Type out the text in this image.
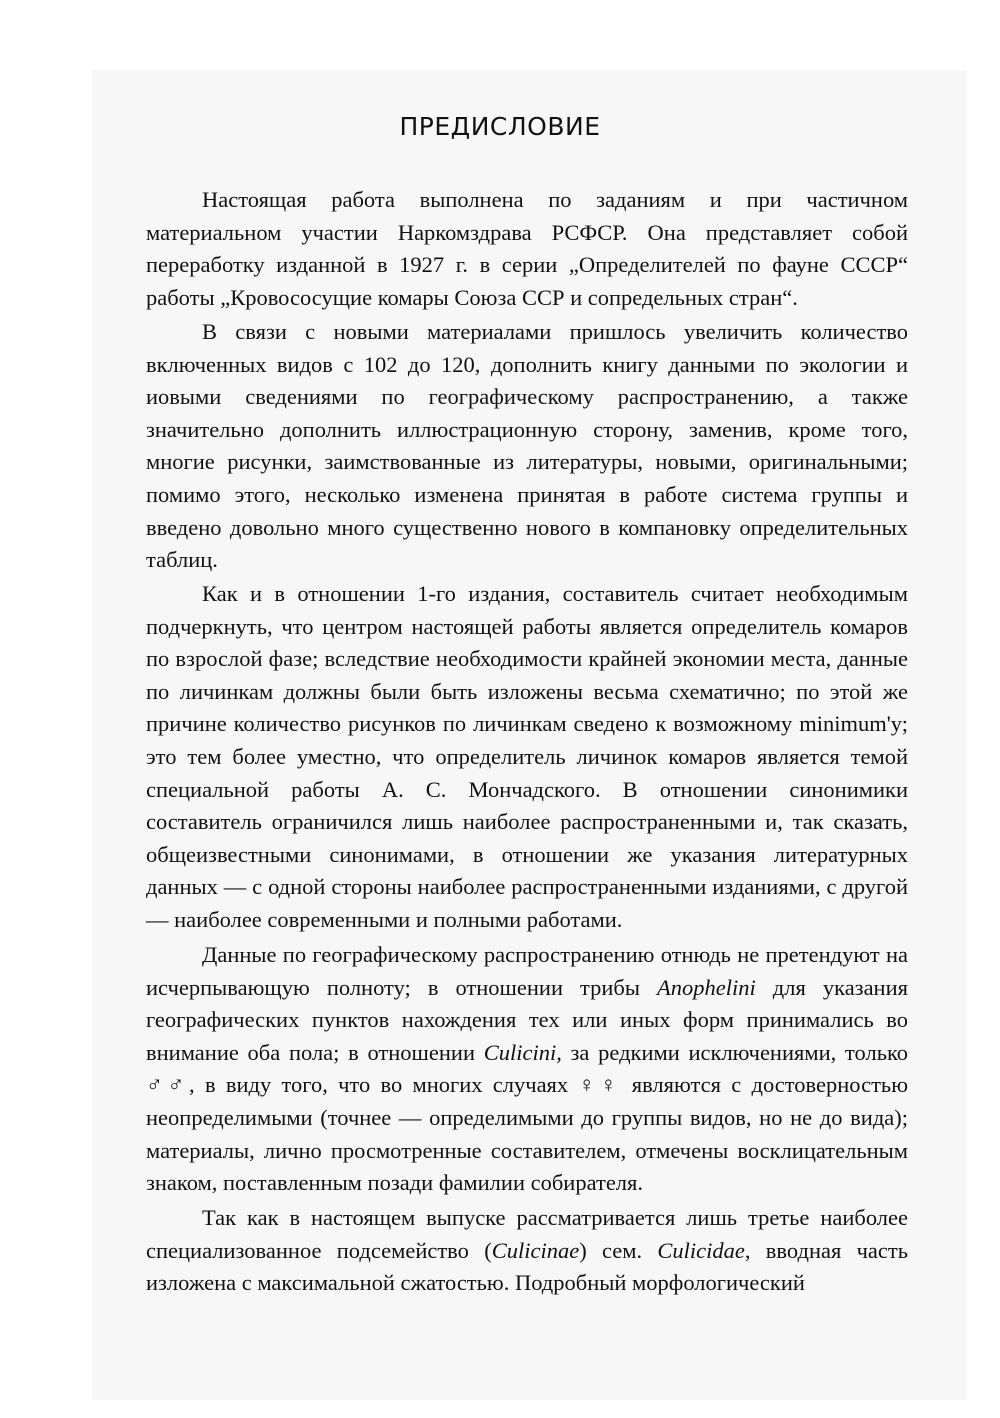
ПРЕДИСЛОВИЕ

Настоящая работа выполнена по заданиям и при частичном материальном участии Наркомздрава РСФСР. Она представляет собой переработку изданной в 1927 г. в серии „Определителей по фауне СССР“ работы „Кровососущие комары Союза ССР и сопредельных стран“.

В связи с новыми материалами пришлось увеличить количество включенных видов с 102 до 120, дополнить книгу данными по экологии и иовыми сведениями по географическому распространению, а также значительно дополнить иллюстрационную сторону, заменив, кроме того, многие рисунки, заимствованные из литературы, новыми, оригинальными; помимо этого, несколько изменена принятая в работе система группы и введено довольно много существенно нового в компановку определительных таблиц.

Как и в отношении 1-го издания, составитель считает необходимым подчеркнуть, что центром настоящей работы является определитель комаров по взрослой фазе; вследствие необходимости крайней экономии места, данные по личинкам должны были быть изложены весьма схематично; по этой же причине количество рисунков по личинкам сведено к возможному minimum'у; это тем более уместно, что определитель личинок комаров является темой специальной работы А. С. Мончадского. В отношении синонимики составитель ограничился лишь наиболее распространенными и, так сказать, общеизвестными синонимами, в отношении же указания литературных данных — с одной стороны наиболее распространенными изданиями, с другой — наиболее современными и полными работами.

Данные по географическому распространению отнюдь не претендуют на исчерпывающую полноту; в отношении трибы Anophelini для указания географических пунктов нахождения тех или иных форм принимались во внимание оба пола; в отношении Culicini, за редкими исключениями, только ♂♂, в виду того, что во многих случаях ♀♀ являются с достоверностью неопределимыми (точнее — определимыми до группы видов, но не до вида); материалы, лично просмотренные составителем, отмечены восклицательным знаком, поставленным позади фамилии собирателя.

Так как в настоящем выпуске рассматривается лишь третье наиболее специализованное подсемейство (Culicinae) сем. Culicidae, вводная часть изложена с максимальной сжатостью. Подробный морфологический
